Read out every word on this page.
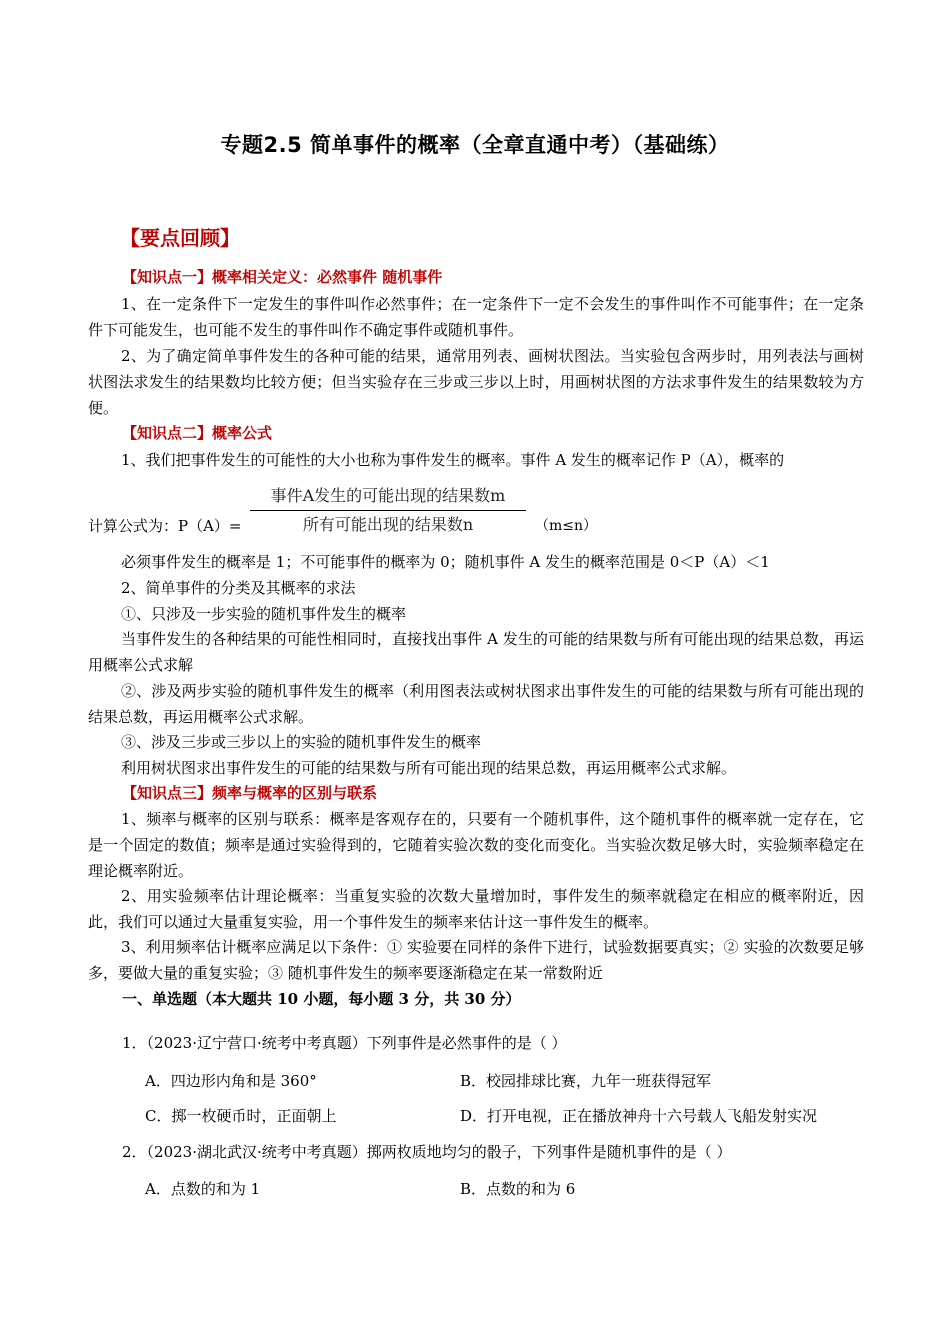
专题2.5 简单事件的概率（全章直通中考）（基础练）
【要点回顾】
【知识点一】概率相关定义：必然事件 随机事件
1、在一定条件下一定发生的事件叫作必然事件；在一定条件下一定不会发生的事件叫作不可能事件；在一定条件下可能发生，也可能不发生的事件叫作不确定事件或随机事件。
2、为了确定简单事件发生的各种可能的结果，通常用列表、画树状图法。当实验包含两步时，用列表法与画树状图法求发生的结果数均比较方便；但当实验存在三步或三步以上时，用画树状图的方法求事件发生的结果数较为方便。
【知识点二】概率公式
1、我们把事件发生的可能性的大小也称为事件发生的概率。事件 A 发生的概率记作 P（A），概率的
事件A发生的可能出现的结果数m
所有可能出现的结果数n
计算公式为：P（A）=	（m≤n）
必须事件发生的概率是 1；不可能事件的概率为 0；随机事件 A 发生的概率范围是 0＜P（A）＜1
2、简单事件的分类及其概率的求法
①、只涉及一步实验的随机事件发生的概率
当事件发生的各种结果的可能性相同时，直接找出事件 A 发生的可能的结果数与所有可能出现的结果总数，再运用概率公式求解
②、涉及两步实验的随机事件发生的概率（利用图表法或树状图求出事件发生的可能的结果数与所有可能出现的结果总数，再运用概率公式求解。
③、涉及三步或三步以上的实验的随机事件发生的概率
利用树状图求出事件发生的可能的结果数与所有可能出现的结果总数，再运用概率公式求解。
【知识点三】频率与概率的区别与联系
1、频率与概率的区别与联系：概率是客观存在的，只要有一个随机事件，这个随机事件的概率就一定存在，它是一个固定的数值；频率是通过实验得到的，它随着实验次数的变化而变化。当实验次数足够大时，实验频率稳定在理论概率附近。
2、用实验频率估计理论概率：当重复实验的次数大量增加时，事件发生的频率就稳定在相应的概率附近，因此，我们可以通过大量重复实验，用一个事件发生的频率来估计这一事件发生的概率。
3、利用频率估计概率应满足以下条件：① 实验要在同样的条件下进行，试验数据要真实；② 实验的次数要足够多，要做大量的重复实验；③ 随机事件发生的频率要逐渐稳定在某一常数附近
一、单选题（本大题共 10 小题，每小题 3 分，共 30 分）
1．（2023·辽宁营口·统考中考真题）下列事件是必然事件的是（ ）
A．四边形内角和是 360°	B．校园排球比赛，九年一班获得冠军
C．掷一枚硬币时，正面朝上	D．打开电视，正在播放神舟十六号载人飞船发射实况
2．（2023·湖北武汉·统考中考真题）掷两枚质地均匀的骰子，下列事件是随机事件的是（ ）
A．点数的和为 1	B．点数的和为 6
